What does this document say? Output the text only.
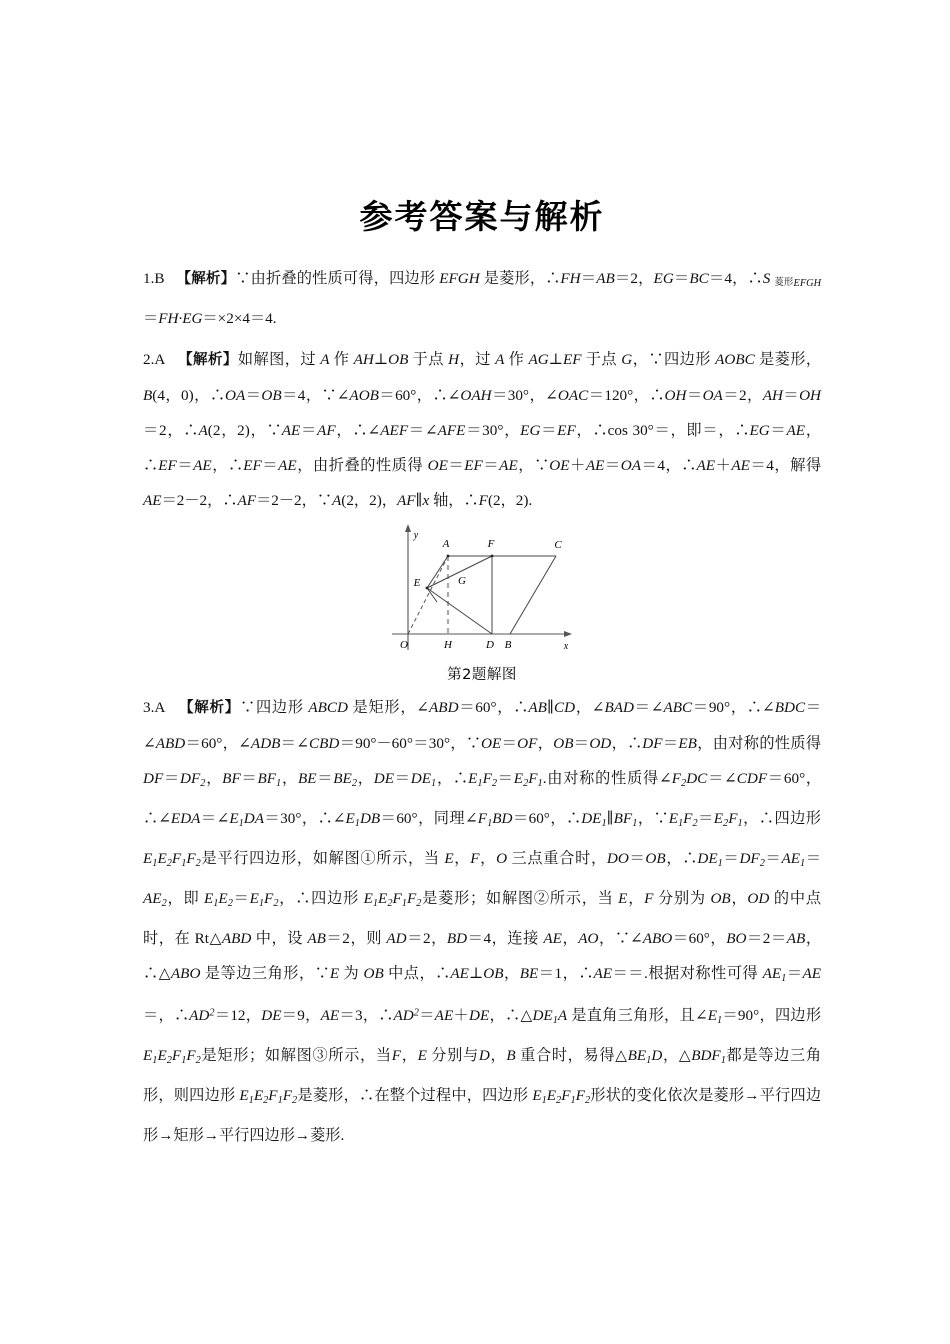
参考答案与解析

1.B 【解析】∵由折叠的性质可得，四边形 EFGH 是菱形，∴FH＝AB＝2，EG＝BC＝4，∴S 菱形$_{EFGH}$＝FH·EG＝×2×4＝4.

2.A 【解析】如解图，过 A 作 AH⊥OB 于点 H，过 A 作 AG⊥EF 于点 G，∵四边形 AOBC 是菱形，B(4，0)，∴OA＝OB＝4，∵∠AOB＝60°，∴∠OAH＝30°，∠OAC＝120°，∴OH＝OA＝2，AH＝OH＝2，∴A(2，2)，∵AE＝AF，∴∠AEF＝∠AFE＝30°，EG＝EF，∴cos 30°＝，即＝，∴EG＝AE，∴EF＝AE，∴EF＝AE，由折叠的性质得 OE＝EF＝AE，∵OE＋AE＝OA＝4，∴AE＋AE＝4，解得 AE＝2－2，∴AF＝2－2，∵A(2，2)，AF∥x 轴，∴F(2，2).

O	H	D B
E
A
G
F	C
y
x
第2题解图

3.A 【解析】∵四边形 ABCD 是矩形，∠ABD＝60°，∴AB∥CD，∠BAD＝∠ABC＝90°，∴∠BDC＝∠ABD＝60°，∠ADB＝∠CBD＝90°－60°＝30°，∵OE＝OF，OB＝OD，∴DF＝EB，由对称的性质得 $DF=DF_2$，$BF=BF_1$，$BE=BE_2$，$DE=DE_1$，$\therefore E_1F_2=E_2F_1$.由对称的性质得$\angle F_2DC=\angle CDF=60^\circ$，$\therefore\angle EDA=\angle E_1DA=30^\circ$，$\therefore\angle E_1DB=60^\circ$，同理$\angle F_1BD=60^\circ$，$\therefore DE_1\parallel BF_1$，$\because E_1F_2=E_2F_1$，∴四边形 $E_1E_2F_1F_2$是平行四边形，如解图①所示，当 E，F，O 三点重合时，DO＝OB，$\therefore DE_1=DF_2=AE_1=AE_2$，即 $E_1E_2=E_1F_2$，∴四边形 $E_1E_2F_1F_2$是菱形；如解图②所示，当 E，F 分别为 OB，OD 的中点时，在 Rt△ABD 中，设 AB＝2，则 AD＝2，BD＝4，连接 AE，AO，∵∠ABO＝60°，BO＝2＝AB，∴△ABO 是等边三角形，∵E 为 OB 中点，∴AE⊥OB，BE＝1，∴AE＝＝.根据对称性可得 $AE_1=AE=$，$\therefore AD^2=12$，DE＝9，AE＝3，$\therefore AD^2=AE+DE$，$\therefore\triangle DE_1A$ 是直角三角形，且$\angle E_1=90^\circ$，四边形 $E_1E_2F_1F_2$是矩形；如解图③所示，当F，E 分别与D，B 重合时，易得$\triangle BE_1D$，$\triangle BDF_1$都是等边三角形，则四边形 $E_1E_2F_1F_2$是菱形，∴在整个过程中，四边形 $E_1E_2F_1F_2$形状的变化依次是菱形→平行四边形→矩形→平行四边形→菱形.
